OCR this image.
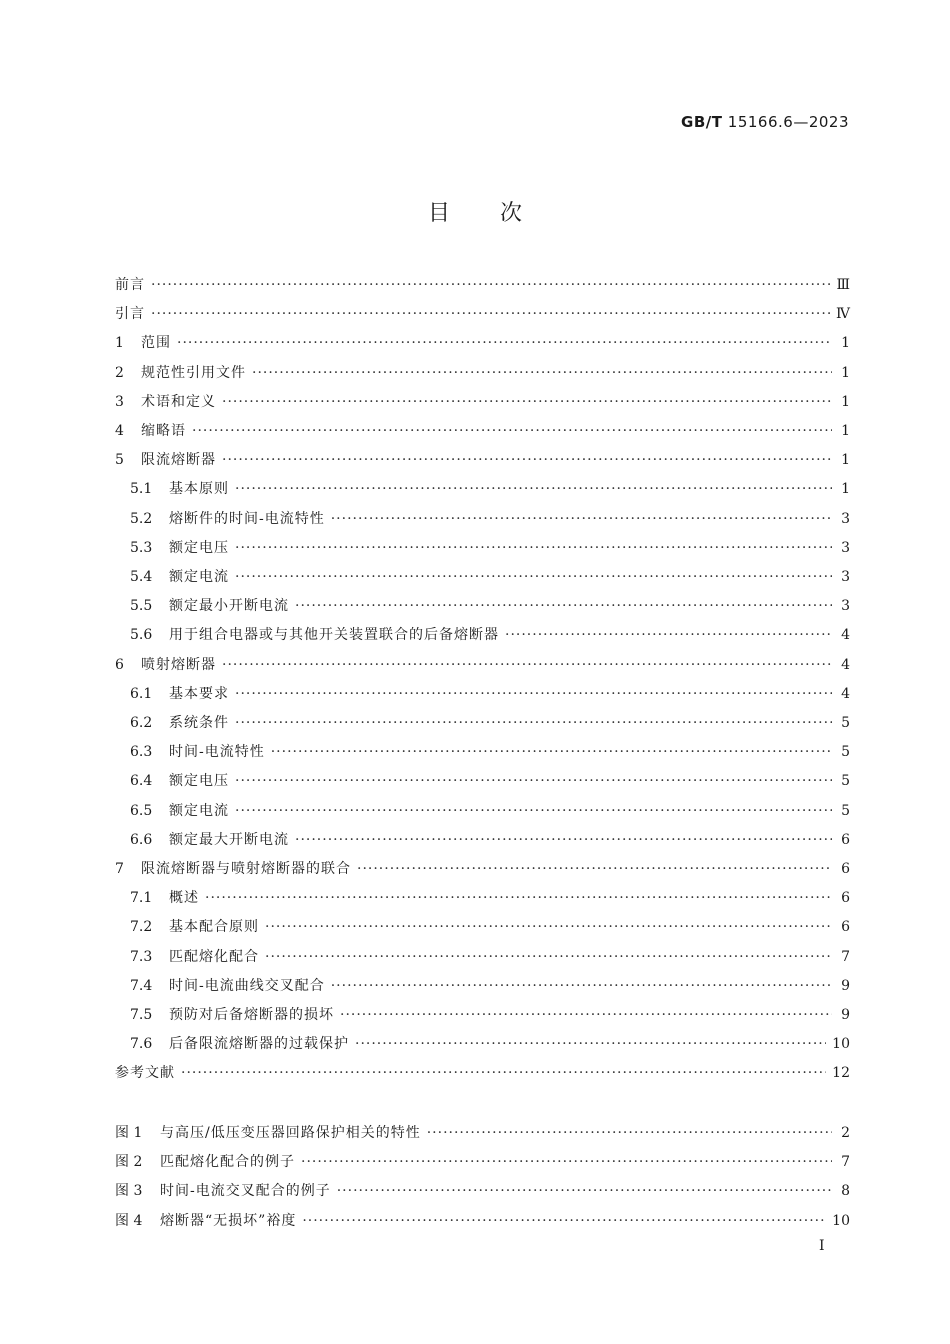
GB/T 15166.6—2023
目次
前言 ·····	Ⅲ
引言 ·····	Ⅳ
1	范围 ·····	1
2	规范性引用文件 ·····	1
3	术语和定义 ·····	1
4	缩略语 ·····	1
5	限流熔断器 ·····	1
5.1	基本原则 ·····	1
5.2	熔断件的时间-电流特性 ·····	3
5.3	额定电压 ·····	3
5.4	额定电流 ·····	3
5.5	额定最小开断电流 ·····	3
5.6	用于组合电器或与其他开关装置联合的后备熔断器 ·····	4
6	喷射熔断器 ·····	4
6.1	基本要求 ·····	4
6.2	系统条件 ·····	5
6.3	时间-电流特性 ·····	5
6.4	额定电压 ·····	5
6.5	额定电流 ·····	5
6.6	额定最大开断电流 ·····	6
7	限流熔断器与喷射熔断器的联合 ·····	6
7.1	概述 ·····	6
7.2	基本配合原则 ·····	6
7.3	匹配熔化配合 ·····	7
7.4	时间-电流曲线交叉配合 ·····	9
7.5	预防对后备熔断器的损坏 ·····	9
7.6	后备限流熔断器的过载保护 ·····	10
参考文献 ·····	12
图 1	与高压/低压变压器回路保护相关的特性 ·····	2
图 2	匹配熔化配合的例子 ·····	7
图 3	时间-电流交叉配合的例子 ·····	8
图 4	熔断器“无损坏”裕度 ·····	10
I
